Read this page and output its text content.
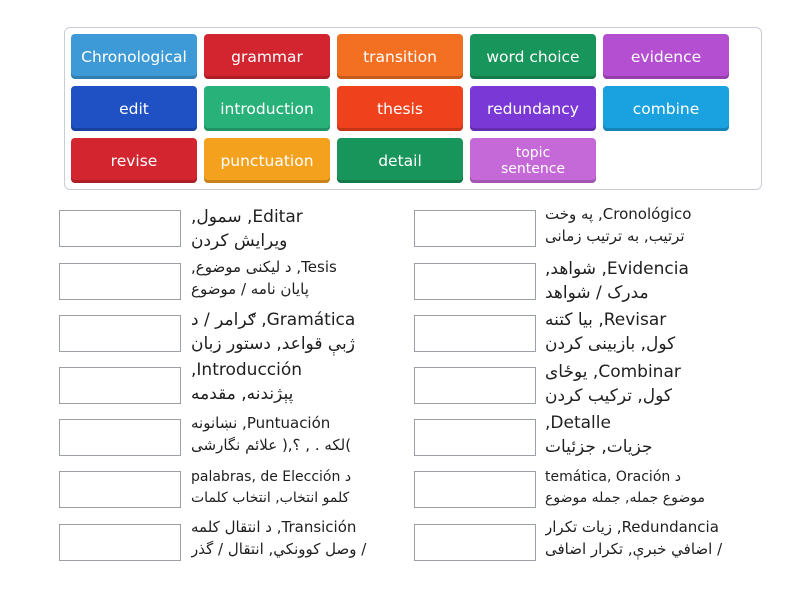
Chronological	grammar	transition	word choice	evidence
edit	introduction	thesis	redundancy	combine
revise	punctuation	detail	topic
sentence
Editar, سمول,
ویرایش کردن
Tesis, د لیکنی موضوع,
پایان نامه / موضوع
Gramática, ګرامر / د
ژبې قواعد, دستور زبان
Introducción,
پېژندنه, مقدمه
Puntuación, نښانونه
)لکه . , ؟,( علائم نگارشی
د palabras, de Elección
کلمو انتخاب, انتخاب کلمات
Transición, د انتقال کلمه
/ وصل کوونکي, انتقال / گذر
Cronológico, په وخت
ترتیب, به ترتیب زمانی
Evidencia, شواهد,
مدرک / شواهد
Revisar, بیا کتنه
کول, بازبینی کردن
Combinar, یوځای
کول, ترکیب کردن
Detalle,
جزیات, جزئیات
د temática, Oración
موضوع جمله, جمله موضوع
Redundancia, زیات تکرار
/ اضافي خبرې, تکرار اضافی
